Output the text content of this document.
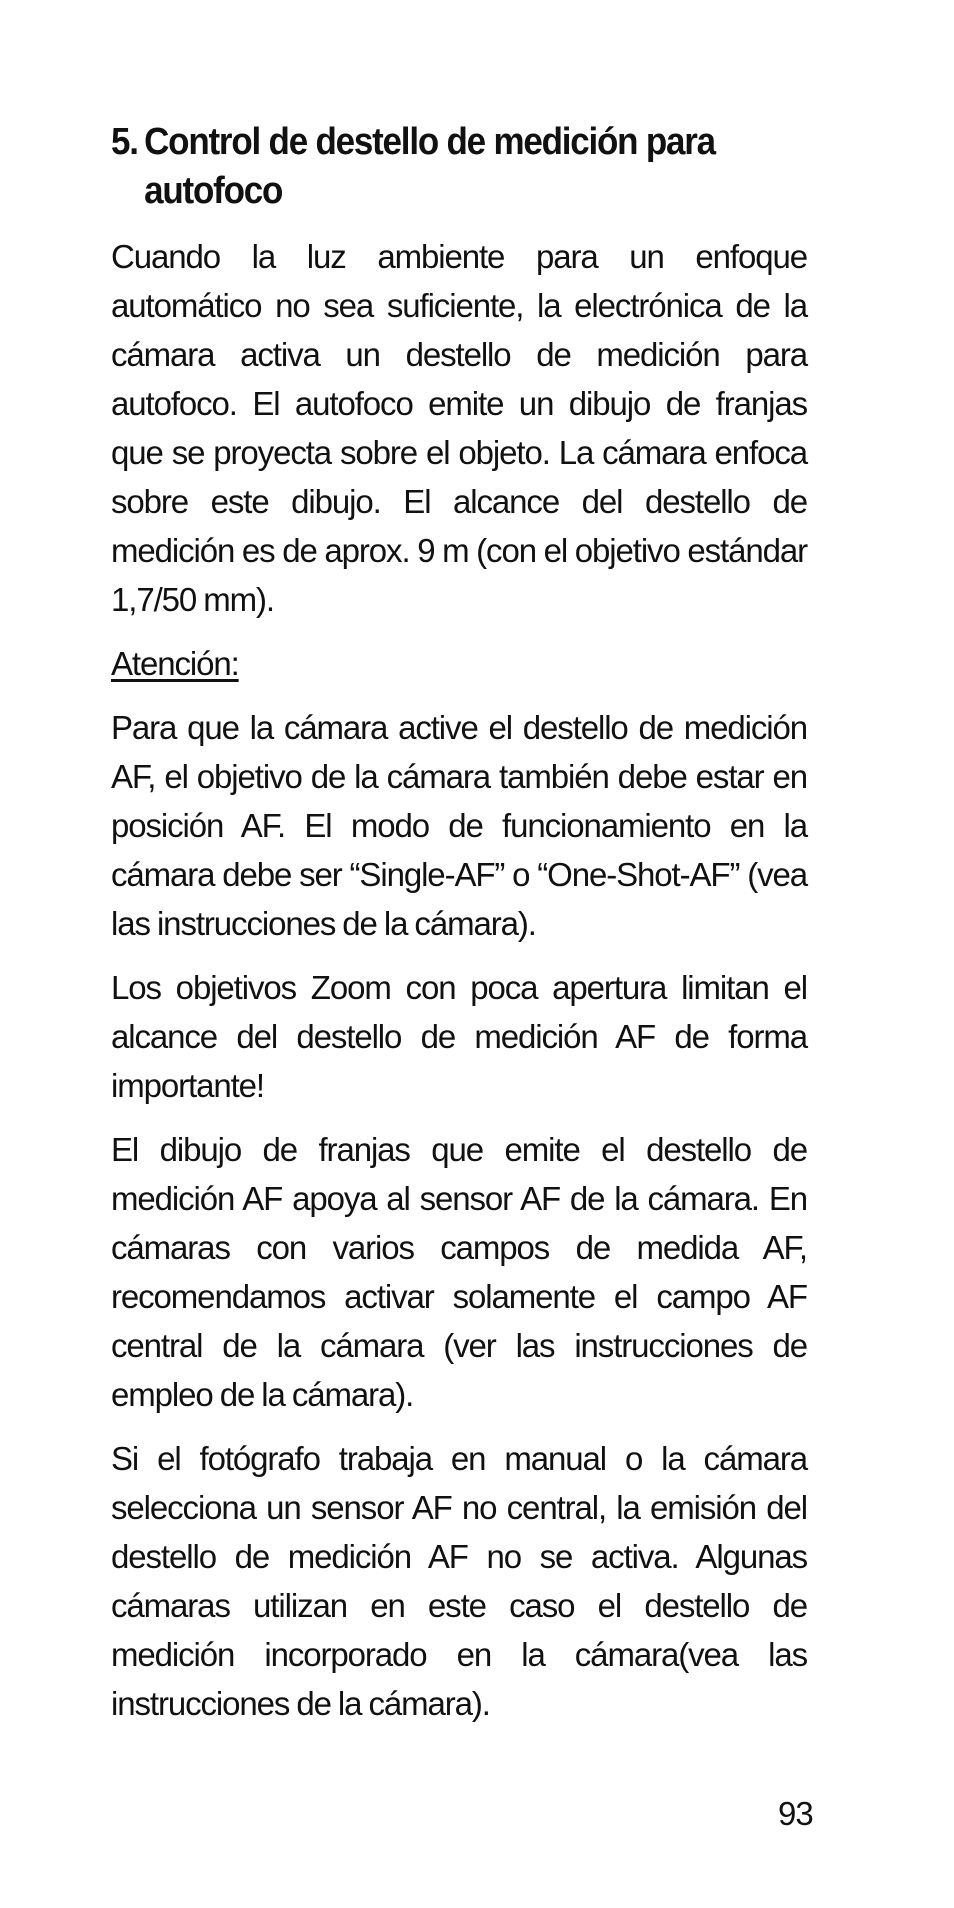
5. Control de destello de medición para autofoco

Cuando la luz ambiente para un enfoque automático no sea suficiente, la electrónica de la cámara activa un destello de medición para autofoco. El autofoco emite un dibujo de franjas que se proyecta sobre el objeto. La cámara enfoca sobre este dibujo. El alcance del destello de medición es de aprox. 9 m (con el objetivo estándar 1,7/50 mm).

Atención:

Para que la cámara active el destello de medición AF, el objetivo de la cámara también debe estar en posición AF. El modo de funcionamiento en la cámara debe ser “Single-AF” o “One-Shot-AF” (vea las instrucciones de la cámara).

Los objetivos Zoom con poca apertura limitan el alcance del destello de medición AF de forma importante!

El dibujo de franjas que emite el destello de medición AF apoya al sensor AF de la cámara. En cámaras con varios campos de medida AF, recomendamos activar solamente el campo AF central de la cámara (ver las instrucciones de empleo de la cámara).

Si el fotógrafo trabaja en manual o la cámara selecciona un sensor AF no central, la emisión del destello de medición AF no se activa. Algunas cámaras utilizan en este caso el destello de medición incorporado en la cámara(vea las instrucciones de la cámara).

93
